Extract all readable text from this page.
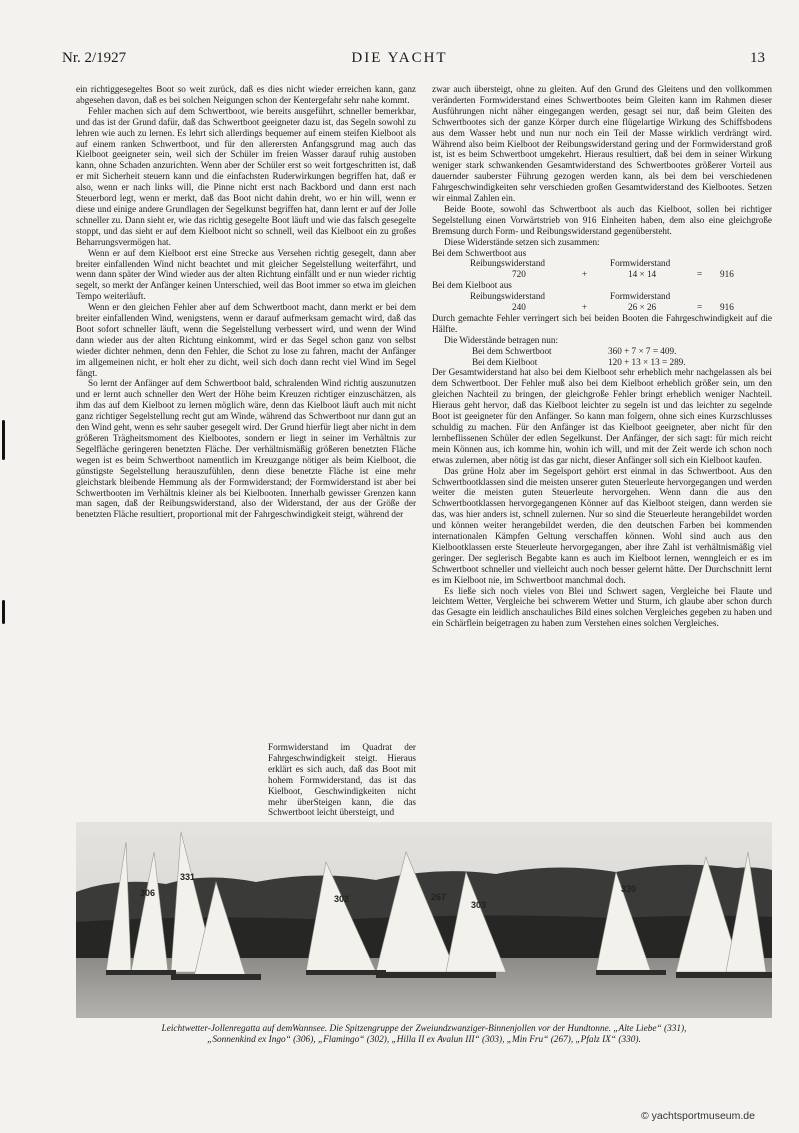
Nr. 2/1927	DIE YACHT	13

ein richtiggesegeltes Boot so weit zurück, daß es dies nicht wieder erreichen kann, ganz abgesehen davon, daß es bei solchen Neigungen schon der Kentergefahr sehr nahe kommt.

Fehler machen sich auf dem Schwertboot, wie bereits ausgeführt, schneller bemerkbar, und das ist der Grund dafür, daß das Schwertboot geeigneter dazu ist, das Segeln sowohl zu lehren wie auch zu lernen. Es lehrt sich allerdings bequemer auf einem steifen Kielboot als auf einem ranken Schwertboot, und für den allerersten Anfangsgrund mag auch das Kielboot geeigneter sein, weil sich der Schüler im freien Wasser darauf ruhig austoben kann, ohne Schaden anzurichten. Wenn aber der Schüler erst so weit fortgeschritten ist, daß er mit Sicherheit steuern kann und die einfachsten Ruderwirkungen begriffen hat, daß er also, wenn er nach links will, die Pinne nicht erst nach Backbord und dann erst nach Steuerbord legt, wenn er merkt, daß das Boot nicht dahin dreht, wo er hin will, wenn er diese und einige andere Grundlagen der Segelkunst begriffen hat, dann lernt er auf der Jolle schneller zu. Dann sieht er, wie das richtig gesegelte Boot läuft und wie das falsch gesegelte stoppt, und das sieht er auf dem Kielboot nicht so schnell, weil das Kielboot ein zu großes Beharrungsvermögen hat.

Wenn er auf dem Kielboot erst eine Strecke aus Versehen richtig gesegelt, dann aber breiter einfallenden Wind nicht beachtet und mit gleicher Segelstellung weiterfährt, und wenn dann später der Wind wieder aus der alten Richtung einfällt und er nun wieder richtig segelt, so merkt der Anfänger keinen Unterschied, weil das Boot immer so etwa im gleichen Tempo weiterläuft.

Wenn er den gleichen Fehler aber auf dem Schwertboot macht, dann merkt er bei dem breiter einfallenden Wind, wenigstens, wenn er darauf aufmerksam gemacht wird, daß das Boot sofort schneller läuft, wenn die Segelstellung verbessert wird, und wenn der Wind dann wieder aus der alten Richtung einkommt, wird er das Segel schon ganz von selbst wieder dichter nehmen, denn den Fehler, die Schot zu lose zu fahren, macht der Anfänger im allgemeinen nicht, er holt eher zu dicht, weil sich doch dann recht viel Wind im Segel fängt.

So lernt der Anfänger auf dem Schwertboot bald, schralenden Wind richtig auszunutzen und er lernt auch schneller den Wert der Höhe beim Kreuzen richtiger einzuschätzen, als ihm das auf dem Kielboot zu lernen möglich wäre, denn das Kielboot läuft auch mit nicht ganz richtiger Segelstellung recht gut am Winde, während das Schwertboot nur dann gut an den Wind geht, wenn es sehr sauber gesegelt wird. Der Grund hierfür liegt aber nicht in dem größeren Trägheitsmoment des Kielbootes, sondern er liegt in seiner im Verhältnis zur Segelfläche geringeren benetzten Fläche. Der verhältnismäßig größeren benetzten Fläche wegen ist es beim Schwertboot namentlich im Kreuzgange nötiger als beim Kielboot, die günstigste Segelstellung herauszufühlen, denn diese benetzte Fläche ist eine mehr gleichstark bleibende Hemmung als der Formwiderstand; der Formwiderstand ist aber bei Schwertbooten im Verhältnis kleiner als bei Kielbooten. Innerhalb gewisser Grenzen kann man sagen, daß der Reibungswiderstand, also der Widerstand, der aus der Größe der benetzten Fläche resultiert, proportional mit der Fahrgeschwindigkeit steigt, während der

Formwiderstand im Quadrat der Fahrgeschwindigkeit steigt. Hieraus erklärt es sich auch, daß das Boot mit hohem Formwiderstand, das ist das Kielboot, Geschwindigkeiten nicht mehr überSteigen kann, die das Schwertboot leicht übersteigt, und

zwar auch übersteigt, ohne zu gleiten. Auf den Grund des Gleitens und den vollkommen veränderten Formwiderstand eines Schwertbootes beim Gleiten kann im Rahmen dieser Ausführungen nicht näher eingegangen werden, gesagt sei nur, daß beim Gleiten des Schwertbootes sich der ganze Körper durch eine flügelartige Wirkung des Schiffsbodens aus dem Wasser hebt und nun nur noch ein Teil der Masse wirklich verdrängt wird. Während also beim Kielboot der Reibungswiderstand gering und der Formwiderstand groß ist, ist es beim Schwertboot umgekehrt. Hieraus resultiert, daß bei dem in seiner Wirkung weniger stark schwankenden Gesamtwiderstand des Schwertbootes größerer Vorteil aus dauernder sauberster Führung gezogen werden kann, als bei dem bei verschiedenen Fahrgeschwindigkeiten sehr verschieden großen Gesamtwiderstand des Kielbootes. Setzen wir einmal Zahlen ein.

Beide Boote, sowohl das Schwertboot als auch das Kielboot, sollen bei richtiger Segelstellung einen Vorwärtstrieb von 916 Einheiten haben, dem also eine gleichgroße Bremsung durch Form- und Reibungswiderstand gegenübersteht.

Diese Widerstände setzen sich zusammen:

Bei dem Schwertboot aus
Reibungswiderstand	Formwiderstand
720	+	14 × 14	= 916
Bei dem Kielboot aus
Reibungswiderstand	Formwiderstand
240	+	26 × 26	= 916

Durch gemachte Fehler verringert sich bei beiden Booten die Fahrgeschwindigkeit auf die Hälfte.

Die Widerstände betragen nun:

Bei dem Schwertboot	360 + 7 × 7 = 409.
Bei dem Kielboot	120 + 13 × 13 = 289.

Der Gesamtwiderstand hat also bei dem Kielboot sehr erheblich mehr nachgelassen als bei dem Schwertboot. Der Fehler muß also bei dem Kielboot erheblich größer sein, um den gleichen Nachteil zu bringen, der gleichgroße Fehler bringt erheblich weniger Nachteil. Hieraus geht hervor, daß das Kielboot leichter zu segeln ist und das leichter zu segelnde Boot ist geeigneter für den Anfänger. So kann man folgern, ohne sich eines Kurzschlusses schuldig zu machen. Für den Anfänger ist das Kielboot geeigneter, aber nicht für den lernbeflissenen Schüler der edlen Segelkunst. Der Anfänger, der sich sagt: für mich reicht mein Können aus, ich komme hin, wohin ich will, und mit der Zeit werde ich schon noch etwas zulernen, aber nötig ist das gar nicht, dieser Anfänger soll sich ein Kielboot kaufen.

Das grüne Holz aber im Segelsport gehört erst einmal in das Schwertboot. Aus den Schwertbootklassen sind die meisten unserer guten Steuerleute hervorgegangen und werden weiter die meisten guten Steuerleute hervorgehen. Wenn dann die aus den Schwertbootklassen hervorgegangenen Könner auf das Kielboot steigen, dann werden sie das, was hier anders ist, schnell zulernen. Nur so sind die Steuerleute herangebildet worden und können weiter herangebildet werden, die den deutschen Farben bei kommenden internationalen Kämpfen Geltung verschaffen können. Wohl sind auch aus den Kielbootklassen erste Steuerleute hervorgegangen, aber ihre Zahl ist verhältnismäßig viel geringer. Der seglerisch Begabte kann es auch im Kielboot lernen, wenngleich er es im Schwertboot schneller und vielleicht auch noch besser gelernt hätte. Der Durchschnitt lernt es im Kielboot nie, im Schwertboot manchmal doch.

Es ließe sich noch vieles von Blei und Schwert sagen, Vergleiche bei Flaute und leichtem Wetter, Vergleiche bei schwerem Wetter und Sturm, ich glaube aber schon durch das Gesagte ein leidlich anschauliches Bild eines solchen Vergleiches gegeben zu haben und ein Schärflein beigetragen zu haben zum Verstehen eines solchen Vergleiches.

306
331
302	267
303
330
Leichtwetter-Jollenregatta auf demWannsee. Die Spitzengruppe der Zweiundzwanziger-Binnenjollen vor der Hundtonne. „Alte Liebe“ (331),
„Sonnenkind ex Ingo“ (306), „Flamingo“ (302), „Hilla II ex Avalun III“ (303), „Min Fru“ (267), „Pfalz IX“ (330).
© yachtsportmuseum.de
